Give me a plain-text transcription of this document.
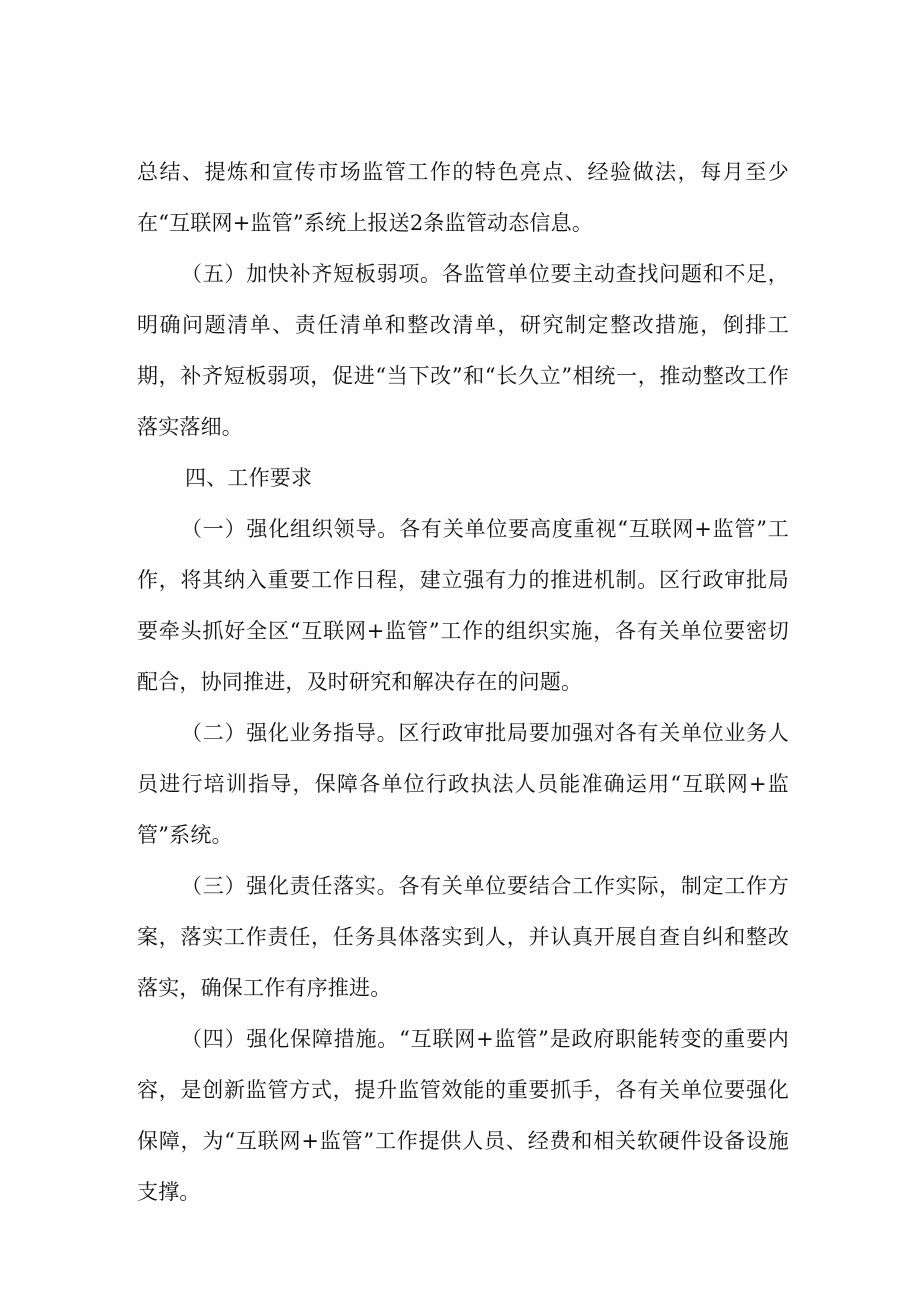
总结、提炼和宣传市场监管工作的特色亮点、经验做法，每月至少在“互联网+监管”系统上报送2条监管动态信息。

（五）加快补齐短板弱项。各监管单位要主动查找问题和不足，明确问题清单、责任清单和整改清单，研究制定整改措施，倒排工期，补齐短板弱项，促进“当下改”和“长久立”相统一，推动整改工作落实落细。

四、工作要求

（一）强化组织领导。各有关单位要高度重视“互联网+监管”工作，将其纳入重要工作日程，建立强有力的推进机制。区行政审批局要牵头抓好全区“互联网+监管”工作的组织实施，各有关单位要密切配合，协同推进，及时研究和解决存在的问题。

（二）强化业务指导。区行政审批局要加强对各有关单位业务人员进行培训指导，保障各单位行政执法人员能准确运用“互联网+监管”系统。

（三）强化责任落实。各有关单位要结合工作实际，制定工作方案，落实工作责任，任务具体落实到人，并认真开展自查自纠和整改落实，确保工作有序推进。

（四）强化保障措施。“互联网+监管”是政府职能转变的重要内容，是创新监管方式，提升监管效能的重要抓手，各有关单位要强化保障，为“互联网+监管”工作提供人员、经费和相关软硬件设备设施支撑。
